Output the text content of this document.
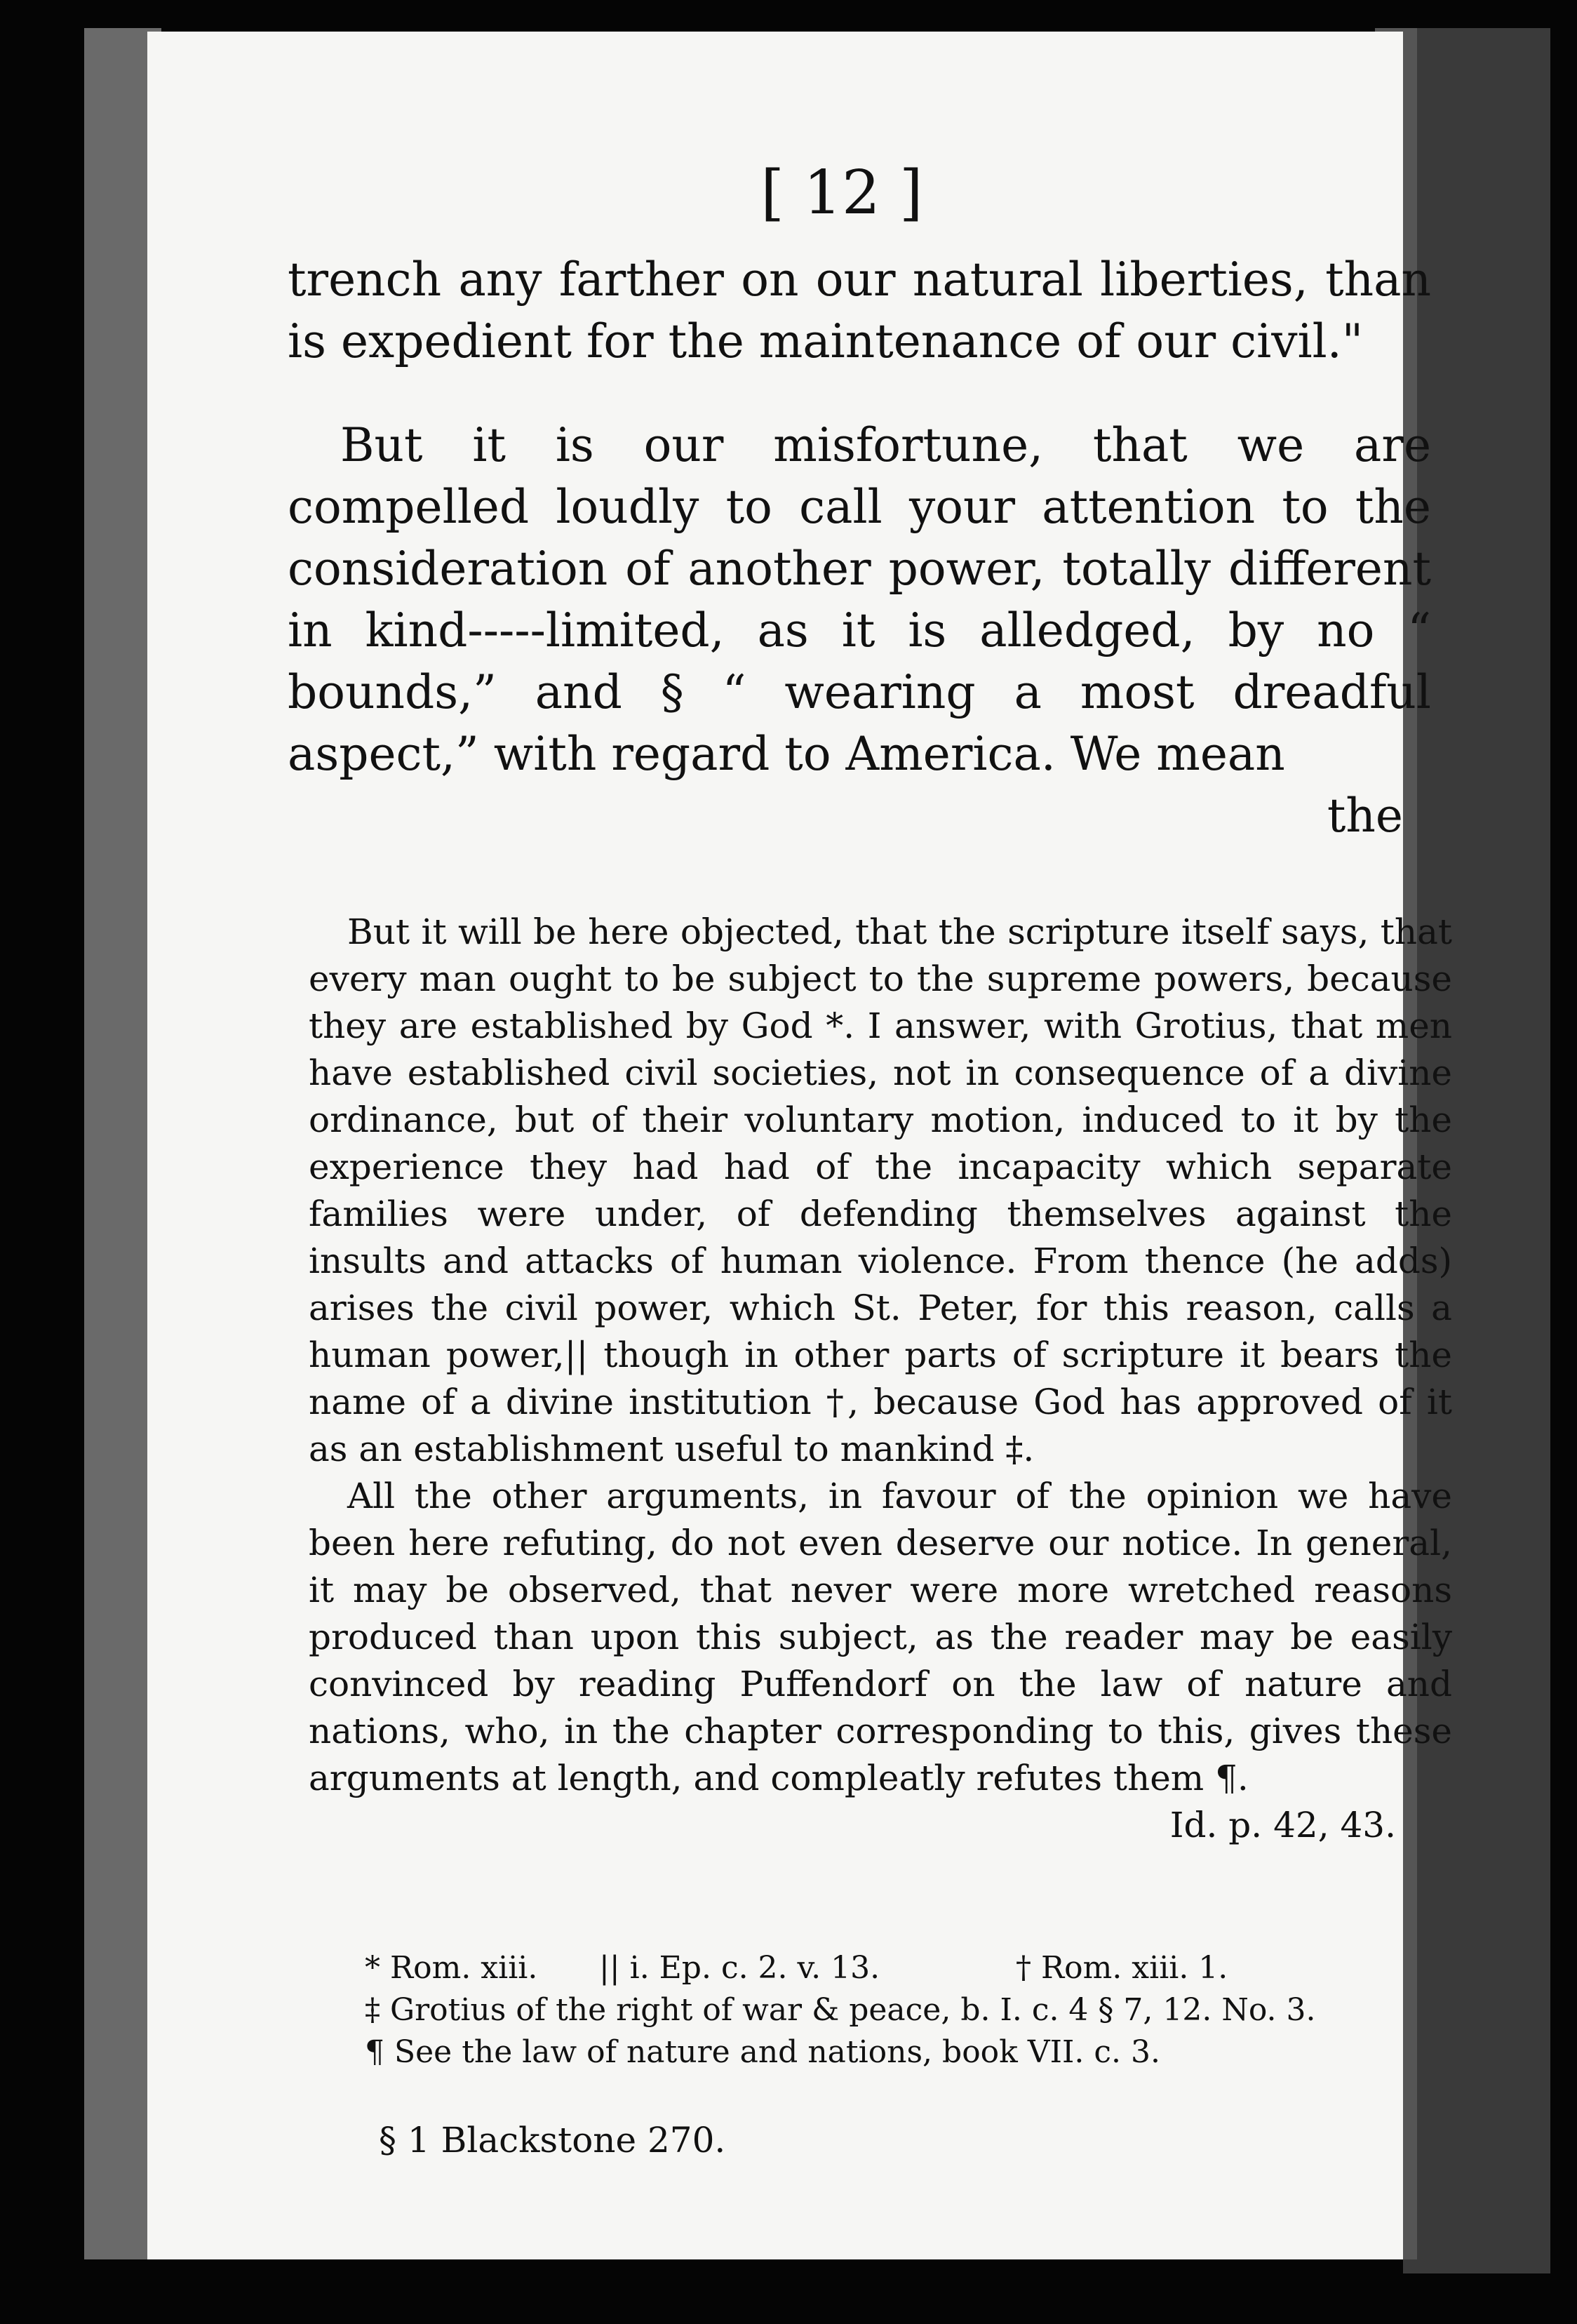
[ 12 ]

trench any farther on our natural liberties, than is expedient for the maintenance of our civil."

But it is our misfortune, that we are compelled loudly to call your attention to the consideration of another power, totally different in kind-----limited, as it is alledged, by no “ bounds,” and § “ wearing a most dreadful aspect,” with regard to America. We mean

the

But it will be here objected, that the scripture itself says, that every man ought to be subject to the supreme powers, because they are established by God *. I answer, with Grotius, that men have established civil societies, not in consequence of a divine ordinance, but of their voluntary motion, induced to it by the experience they had had of the incapacity which separate families were under, of defending themselves against the insults and attacks of human violence. From thence (he adds) arises the civil power, which St. Peter, for this reason, calls a human power,|| though in other parts of scripture it bears the name of a divine institution †, because God has approved of it as an establishment useful to mankind ‡.

All the other arguments, in favour of the opinion we have been here refuting, do not even deserve our notice. In general, it may be observed, that never were more wretched reasons produced than upon this subject, as the reader may be easily convinced by reading Puffendorf on the law of nature and nations, who, in the chapter corresponding to this, gives these arguments at length, and compleatly refutes them ¶.

Id. p. 42, 43.

* Rom. xiii. || i. Ep. c. 2. v. 13.	† Rom. xiii. 1.
‡ Grotius of the right of war & peace, b. I. c. 4 § 7, 12. No. 3.
¶ See the law of nature and nations, book VII. c. 3.
§ 1 Blackstone 270.
